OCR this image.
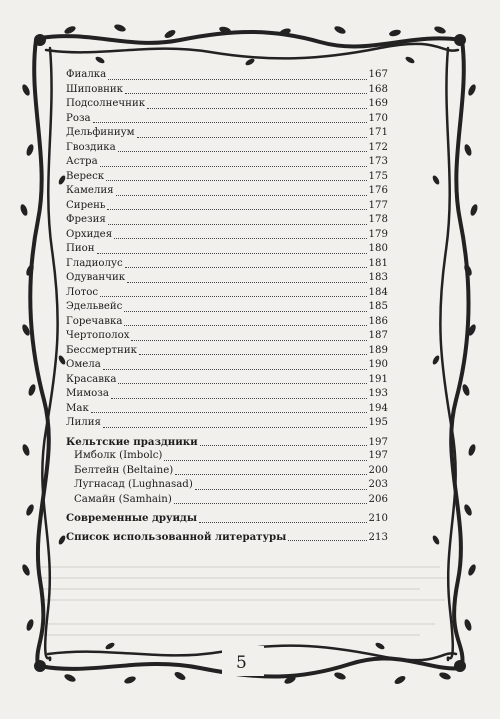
Фиалка	167
Шиповник	168
Подсолнечник	169
Роза	170
Дельфиниум	171
Гвоздика	172
Астра	173
Вереск	175
Камелия	176
Сирень	177
Фрезия	178
Орхидея	179
Пион	180
Гладиолус	181
Одуванчик	183
Лотос	184
Эдельвейс	185
Горечавка	186
Чертополох	187
Бессмертник	189
Омела	190
Красавка	191
Мимоза	193
Мак	194
Лилия	195
Кельтские праздники	197
Имболк (Imbolc)	197
Белтейн (Beltaine)	200
Лугнасад (Lughnasad)	203
Самайн (Samhain)	206
Современные друиды	210
Список использованной литературы	213
5
